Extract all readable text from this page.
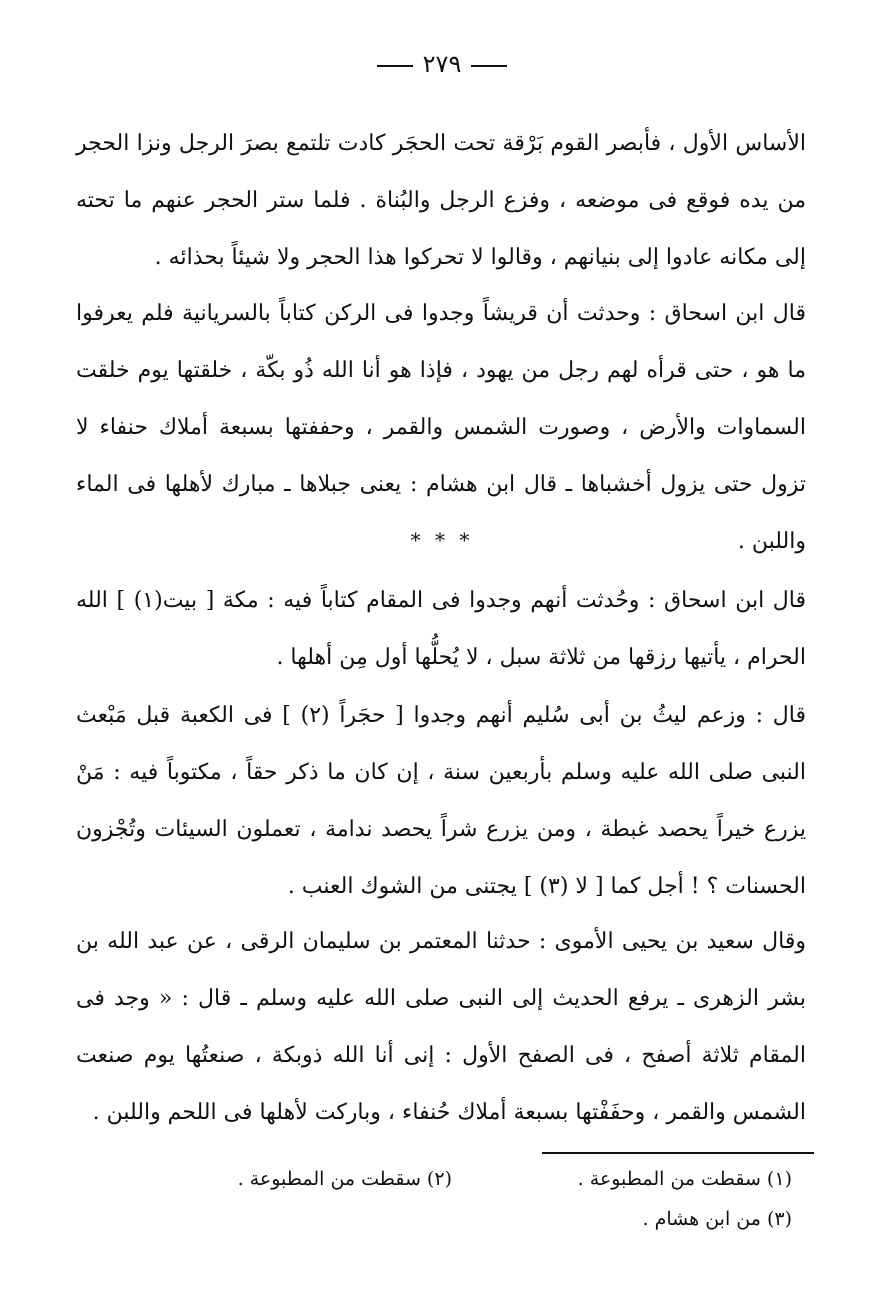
٢٧٩

الأساس الأول ، فأبصر القوم بَرْقة تحت الحجَر كادت تلتمع بصرَ الرجل ونزا الحجر من يده فوقع فى موضعه ، وفزع الرجل والبُناة . فلما ستر الحجر عنهم ما تحته إلى مكانه عادوا إلى بنيانهم ، وقالوا لا تحركوا هذا الحجر ولا شيئاً بحذائه .

قال ابن اسحاق : وحدثت أن قريشاً وجدوا فى الركن كتاباً بالسريانية فلم يعرفوا ما هو ، حتى قرأه لهم رجل من يهود ، فإذا هو أنا الله ذُو بكّة ، خلقتها يوم خلقت السماوات والأرض ، وصورت الشمس والقمر ، وحففتها بسبعة أملاك حنفاء لا تزول حتى يزول أخشباها ـ قال ابن هشام : يعنى جبلاها ـ مبارك لأهلها فى الماء واللبن .

* * *

قال ابن اسحاق : وحُدثت أنهم وجدوا فى المقام كتاباً فيه : مكة [ بيت(١) ] الله الحرام ، يأتيها رزقها من ثلاثة سبل ، لا يُحلُّها أول مِن أهلها .

قال : وزعم ليثُ بن أبى سُليم أنهم وجدوا [ حجَراً (٢) ] فى الكعبة قبل مَبْعث النبى صلى الله عليه وسلم بأربعين سنة ، إن كان ما ذكر حقاً ، مكتوباً فيه : مَنْ يزرع خيراً يحصد غبطة ، ومن يزرع شراً يحصد ندامة ، تعملون السيئات وتُجْزون الحسنات ؟ ! أجل كما [ لا (٣) ] يجتنى من الشوك العنب .

وقال سعيد بن يحيى الأموى : حدثنا المعتمر بن سليمان الرقى ، عن عبد الله بن بشر الزهرى ـ يرفع الحديث إلى النبى صلى الله عليه وسلم ـ قال : « وجد فى المقام ثلاثة أصفح ، فى الصفح الأول : إنى أنا الله ذوبكة ، صنعتُها يوم صنعت الشمس والقمر ، وحفَفْتها بسبعة أملاك حُنفاء ، وباركت لأهلها فى اللحم واللبن .

(١) سقطت من المطبوعة .
(٢) سقطت من المطبوعة .
(٣) من ابن هشام .
